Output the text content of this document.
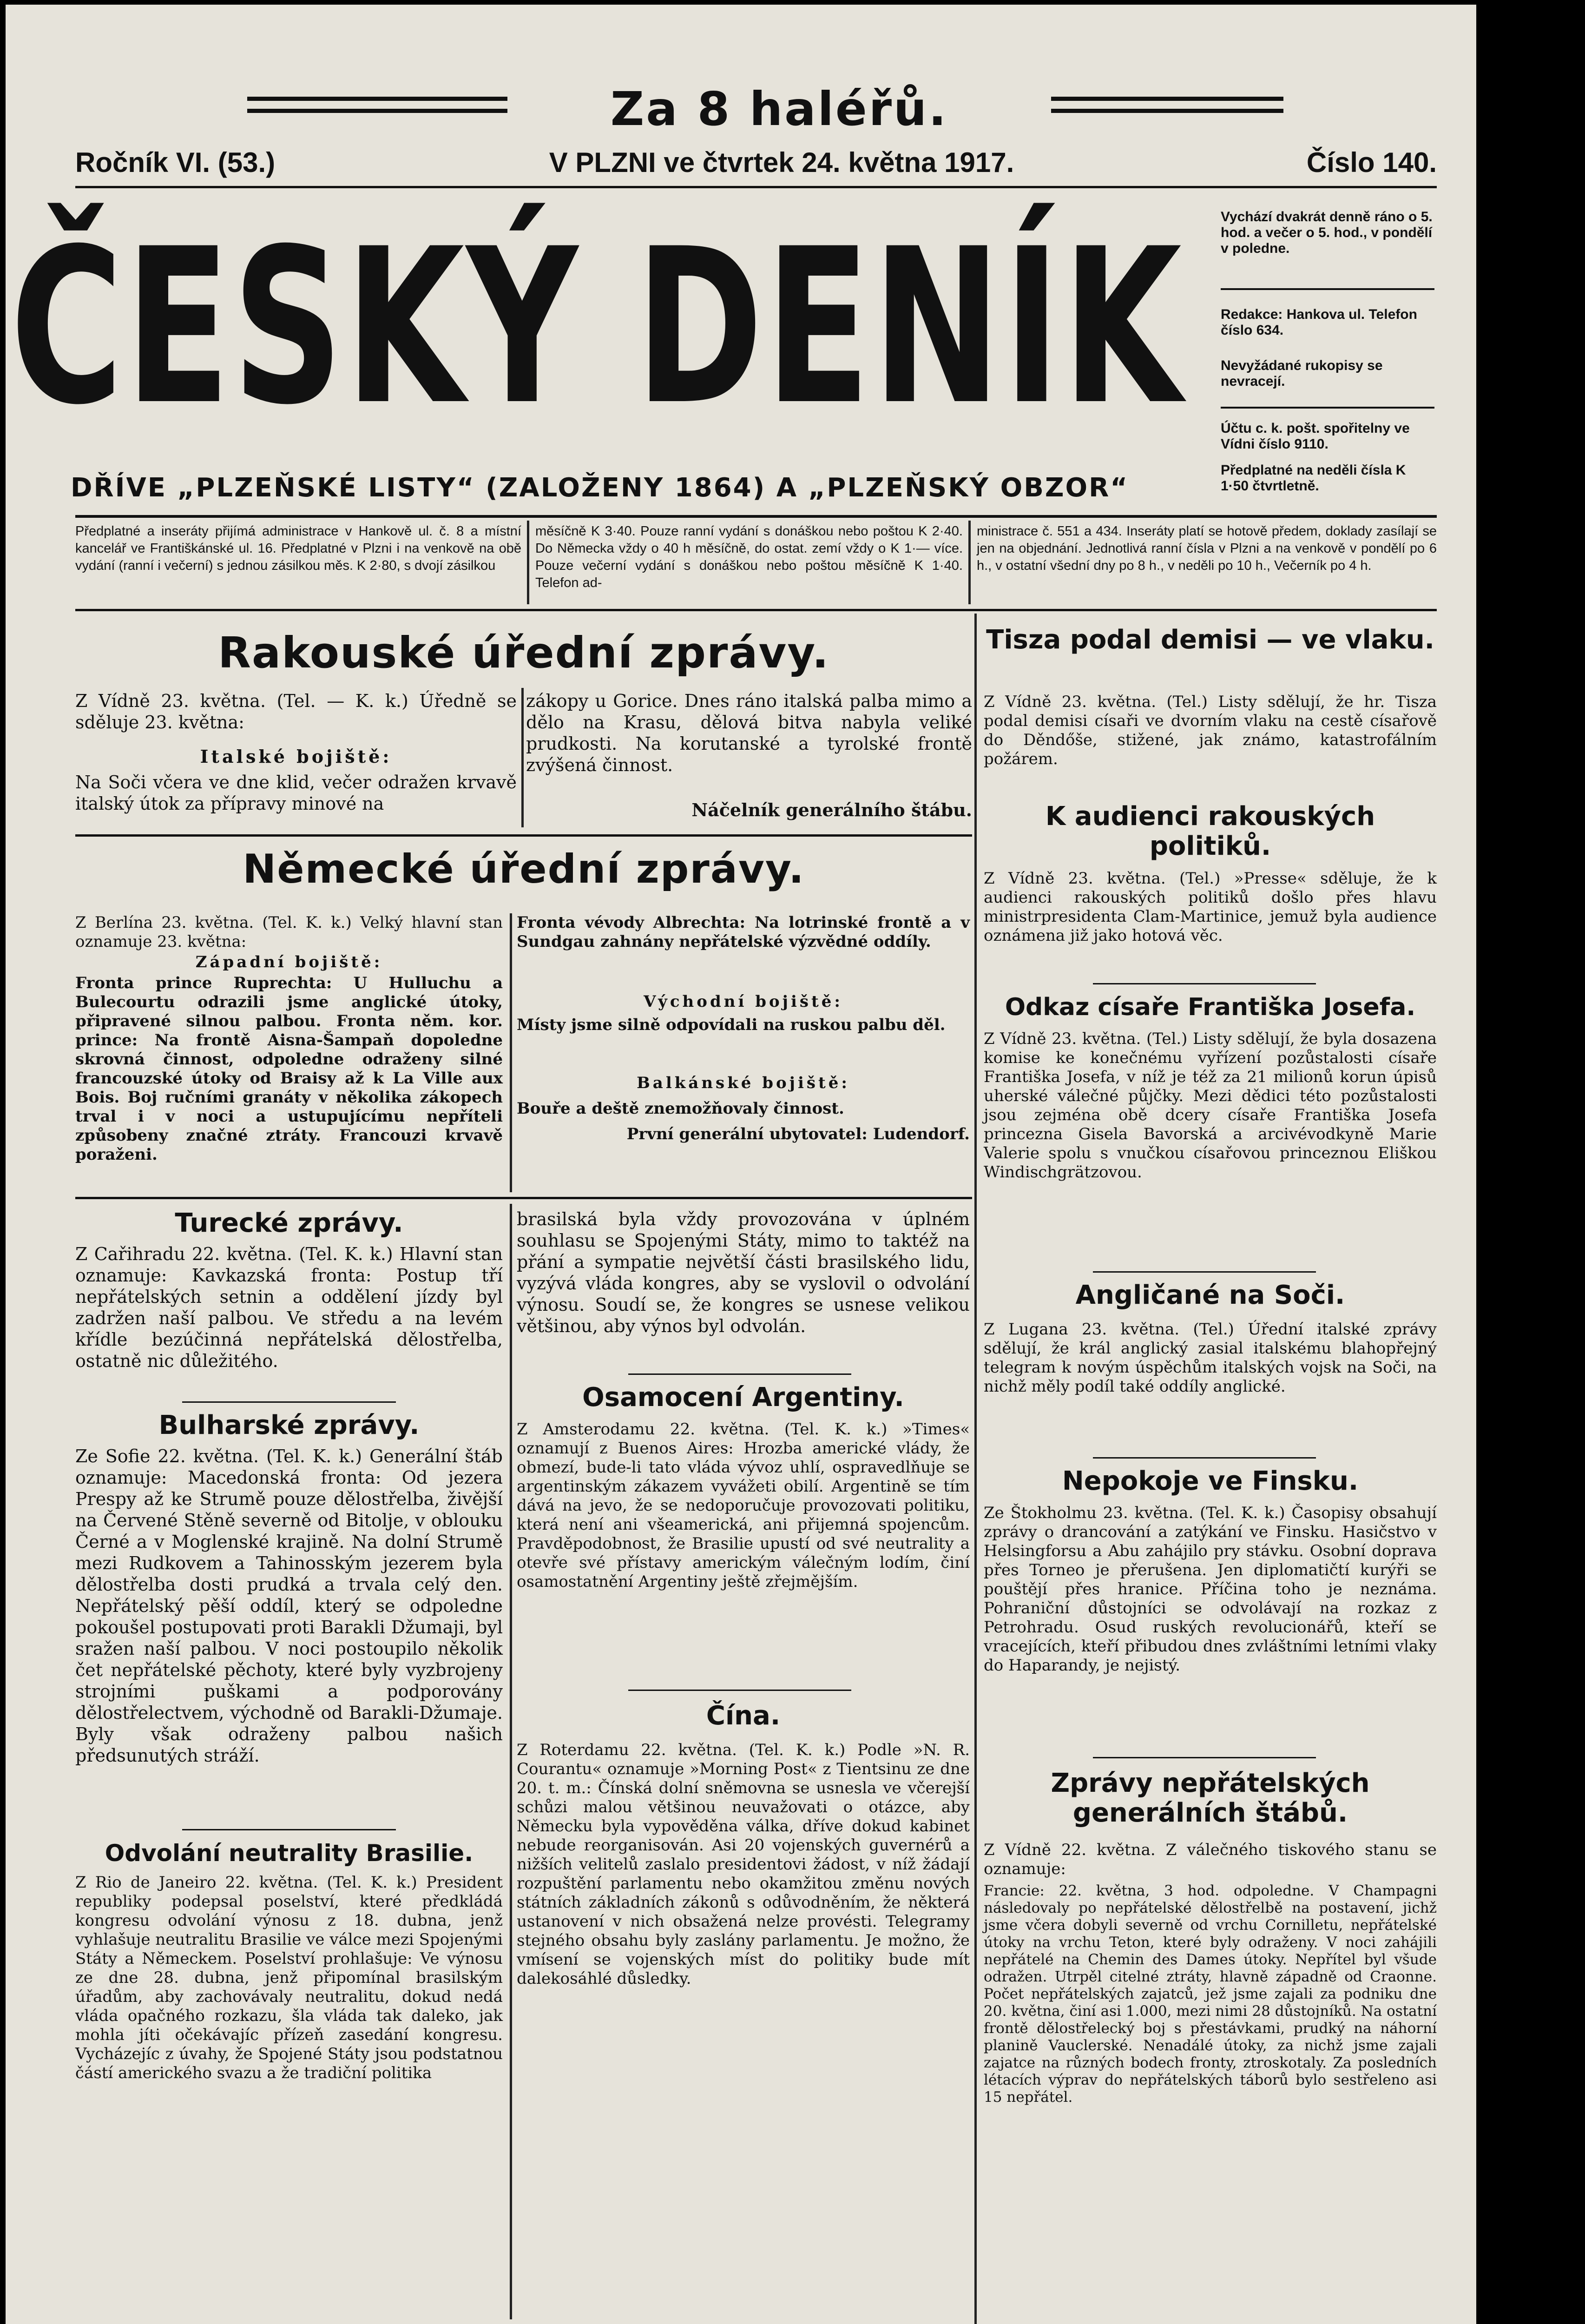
Za 8 haléřů.
Ročník VI. (53.)	V PLZNI ve čtvrtek 24. května 1917.	Číslo 140.
ČESKÝ DENÍK
DŘÍVE „PLZEŇSKÉ LISTY“ (ZALOŽENY 1864) A „PLZEŇSKÝ OBZOR“
Vychází dvakrát denně ráno o 5. hod. a večer o 5. hod., v pondělí v poledne.
Redakce: Hankova ul. Telefon číslo 634.
Nevyžádané rukopisy se nevracejí.
Účtu c. k. pošt. spořitelny ve Vídni číslo 9110.
Předplatné na neděli čísla K 1·50 čtvrtletně.
Předplatné a inseráty přijímá administrace v Hankově ul. č. 8 a místní kancelář ve Františkánské ul. 16. Předplatné v Plzni i na venkově na obě vydání (ranní i večerní) s jednou zásilkou měs. K 2·80, s dvojí zásilkou
měsíčně K 3·40. Pouze ranní vydání s donáškou nebo poštou K 2·40. Do Německa vždy o 40 h měsíčně, do ostat. zemí vždy o K 1·— více. Pouze večerní vydání s donáškou nebo poštou měsíčně K 1·40. Telefon ad-
ministrace č. 551 a 434. Inseráty platí se hotově předem, doklady zasílají se jen na objednání. Jednotlivá ranní čísla v Plzni a na venkově v pondělí po 6 h., v ostatní všední dny po 8 h., v neděli po 10 h., Večerník po 4 h.
Rakouské úřední zprávy.
Z Vídně 23. května. (Tel. — K. k.) Úředně se sděluje 23. května:
Italské bojiště:
Na Soči včera ve dne klid, večer odražen krvavě italský útok za přípravy minové na
zákopy u Gorice. Dnes ráno italská palba mimo a dělo na Krasu, dělová bitva nabyla veliké prudkosti. Na korutanské a tyrolské frontě zvýšená činnost.
Náčelník generálního štábu.
Německé úřední zprávy.
Z Berlína 23. května. (Tel. K. k.) Velký hlavní stan oznamuje 23. května:
Západní bojiště:
Fronta prince Ruprechta: U Hulluchu a Bulecourtu odrazili jsme anglické útoky, připravené silnou palbou. Fronta něm. kor. prince: Na frontě Aisna-Šampaň dopoledne skrovná činnost, odpoledne odraženy silné francouzské útoky od Braisy až k La Ville aux Bois. Boj ručními granáty v několika zákopech trval i v noci a ustupujícímu nepříteli způsobeny značné ztráty. Francouzi krvavě poraženi.
Fronta vévody Albrechta: Na lotrinské frontě a v Sundgau zahnány nepřátelské výzvědné oddíly.
Východní bojiště:
Místy jsme silně odpovídali na ruskou palbu děl.
Balkánské bojiště:
Bouře a deště znemožňovaly činnost.
První generální ubytovatel: Ludendorf.
Turecké zprávy.
Z Cařihradu 22. května. (Tel. K. k.) Hlavní stan oznamuje: Kavkazská fronta: Postup tří nepřátelských setnin a oddělení jízdy byl zadržen naší palbou. Ve středu a na levém křídle bezúčinná nepřátelská dělostřelba, ostatně nic důležitého.
Bulharské zprávy.
Ze Sofie 22. května. (Tel. K. k.) Generální štáb oznamuje: Macedonská fronta: Od jezera Prespy až ke Strumě pouze dělostřelba, živější na Červené Stěně severně od Bitolje, v oblouku Černé a v Moglenské krajině. Na dolní Strumě mezi Rudkovem a Tahinosským jezerem byla dělostřelba dosti prudká a trvala celý den. Nepřátelský pěší oddíl, který se odpoledne pokoušel postupovati proti Barakli Džumaji, byl sražen naší palbou. V noci postoupilo několik čet nepřátelské pěchoty, které byly vyzbrojeny strojními puškami a podporovány dělostřelectvem, východně od Barakli-Džumaje. Byly však odraženy palbou našich předsunutých stráží.
Odvolání neutrality Brasilie.
Z Rio de Janeiro 22. května. (Tel. K. k.) President republiky podepsal poselství, které předkládá kongresu odvolání výnosu z 18. dubna, jenž vyhlašuje neutralitu Brasilie ve válce mezi Spojenými Státy a Německem. Poselství prohlašuje: Ve výnosu ze dne 28. dubna, jenž připomínal brasilským úřadům, aby zachovávaly neutralitu, dokud nedá vláda opačného rozkazu, šla vláda tak daleko, jak mohla jíti očekávajíc přízeň zasedání kongresu. Vycházejíc z úvahy, že Spojené Státy jsou podstatnou částí amerického svazu a že tradiční politika
brasilská byla vždy provozována v úplném souhlasu se Spojenými Státy, mimo to taktéž na přání a sympatie největší části brasilského lidu, vyzývá vláda kongres, aby se vyslovil o odvolání výnosu. Soudí se, že kongres se usnese velikou většinou, aby výnos byl odvolán.
Osamocení Argentiny.
Z Amsterodamu 22. května. (Tel. K. k.) »Times« oznamují z Buenos Aires: Hrozba americké vlády, že obmezí, bude-li tato vláda vývoz uhlí, ospravedlňuje se argentinským zákazem vyvážeti obilí. Argentině se tím dává na jevo, že se nedoporučuje provozovati politiku, která není ani všeamerická, ani přijemná spojencům. Pravděpodobnost, že Brasilie upustí od své neutrality a otevře své přístavy americkým válečným lodím, činí osamostatnění Argentiny ještě zřejmějším.
Čína.
Z Roterdamu 22. května. (Tel. K. k.) Podle »N. R. Courantu« oznamuje »Morning Post« z Tientsinu ze dne 20. t. m.: Čínská dolní sněmovna se usnesla ve včerejší schůzi malou většinou neuvažovati o otázce, aby Německu byla vypověděna válka, dříve dokud kabinet nebude reorganisován. Asi 20 vojenských guvernérů a nižších velitelů zaslalo presidentovi žádost, v níž žádají rozpuštění parlamentu nebo okamžitou změnu nových státních základních zákonů s odůvodněním, že některá ustanovení v nich obsažená nelze provésti. Telegramy stejného obsahu byly zaslány parlamentu. Je možno, že vmísení se vojenských míst do politiky bude mít dalekosáhlé důsledky.
Tisza podal demisi — ve vlaku.
Z Vídně 23. května. (Tel.) Listy sdělují, že hr. Tisza podal demisi císaři ve dvorním vlaku na cestě císařově do Děndőše, stižené, jak známo, katastrofálním požárem.
K audienci rakouských politiků.
Z Vídně 23. května. (Tel.) »Presse« sděluje, že k audienci rakouských politiků došlo přes hlavu ministrpresidenta Clam-Martinice, jemuž byla audience oznámena již jako hotová věc.
Odkaz císaře Františka Josefa.
Z Vídně 23. května. (Tel.) Listy sdělují, že byla dosazena komise ke konečnému vyřízení pozůstalosti císaře Františka Josefa, v níž je též za 21 milionů korun úpisů uherské válečné půjčky. Mezi dědici této pozůstalosti jsou zejména obě dcery císaře Františka Josefa princezna Gisela Bavorská a arcivévodkyně Marie Valerie spolu s vnučkou císařovou princeznou Eliškou Windischgrätzovou.
Angličané na Soči.
Z Lugana 23. května. (Tel.) Úřední italské zprávy sdělují, že král anglický zasial italskému blahopřejný telegram k novým úspěchům italských vojsk na Soči, na nichž měly podíl také oddíly anglické.
Nepokoje ve Finsku.
Ze Štokholmu 23. května. (Tel. K. k.) Časopisy obsahují zprávy o drancování a zatýkání ve Finsku. Hasičstvo v Helsingforsu a Abu zahájilo pry stávku. Osobní doprava přes Torneo je přerušena. Jen diplomatičtí kurýři se pouštějí přes hranice. Příčina toho je neznáma. Pohraniční důstojníci se odvolávají na rozkaz z Petrohradu. Osud ruských revolucionářů, kteří se vracejících, kteří přibudou dnes zvláštními letními vlaky do Haparandy, je nejistý.
Zprávy nepřátelských generálních štábů.
Z Vídně 22. května. Z válečného tiskového stanu se oznamuje:
Francie: 22. května, 3 hod. odpoledne. V Champagni následovaly po nepřátelské dělostřelbě na postavení, jichž jsme včera dobyli severně od vrchu Cornilletu, nepřátelské útoky na vrchu Teton, které byly odraženy. V noci zahájili nepřátelé na Chemin des Dames útoky. Nepřítel byl všude odražen. Utrpěl citelné ztráty, hlavně západně od Craonne. Počet nepřátelských zajatců, jež jsme zajali za podniku dne 20. května, činí asi 1.000, mezi nimi 28 důstojníků. Na ostatní frontě dělostřelecký boj s přestávkami, prudký na náhorní planině Vauclerské. Nenadálé útoky, za nichž jsme zajali zajatce na různých bodech fronty, ztroskotaly. Za posledních létacích výprav do nepřátelských táborů bylo sestřeleno asi 15 nepřátel.
